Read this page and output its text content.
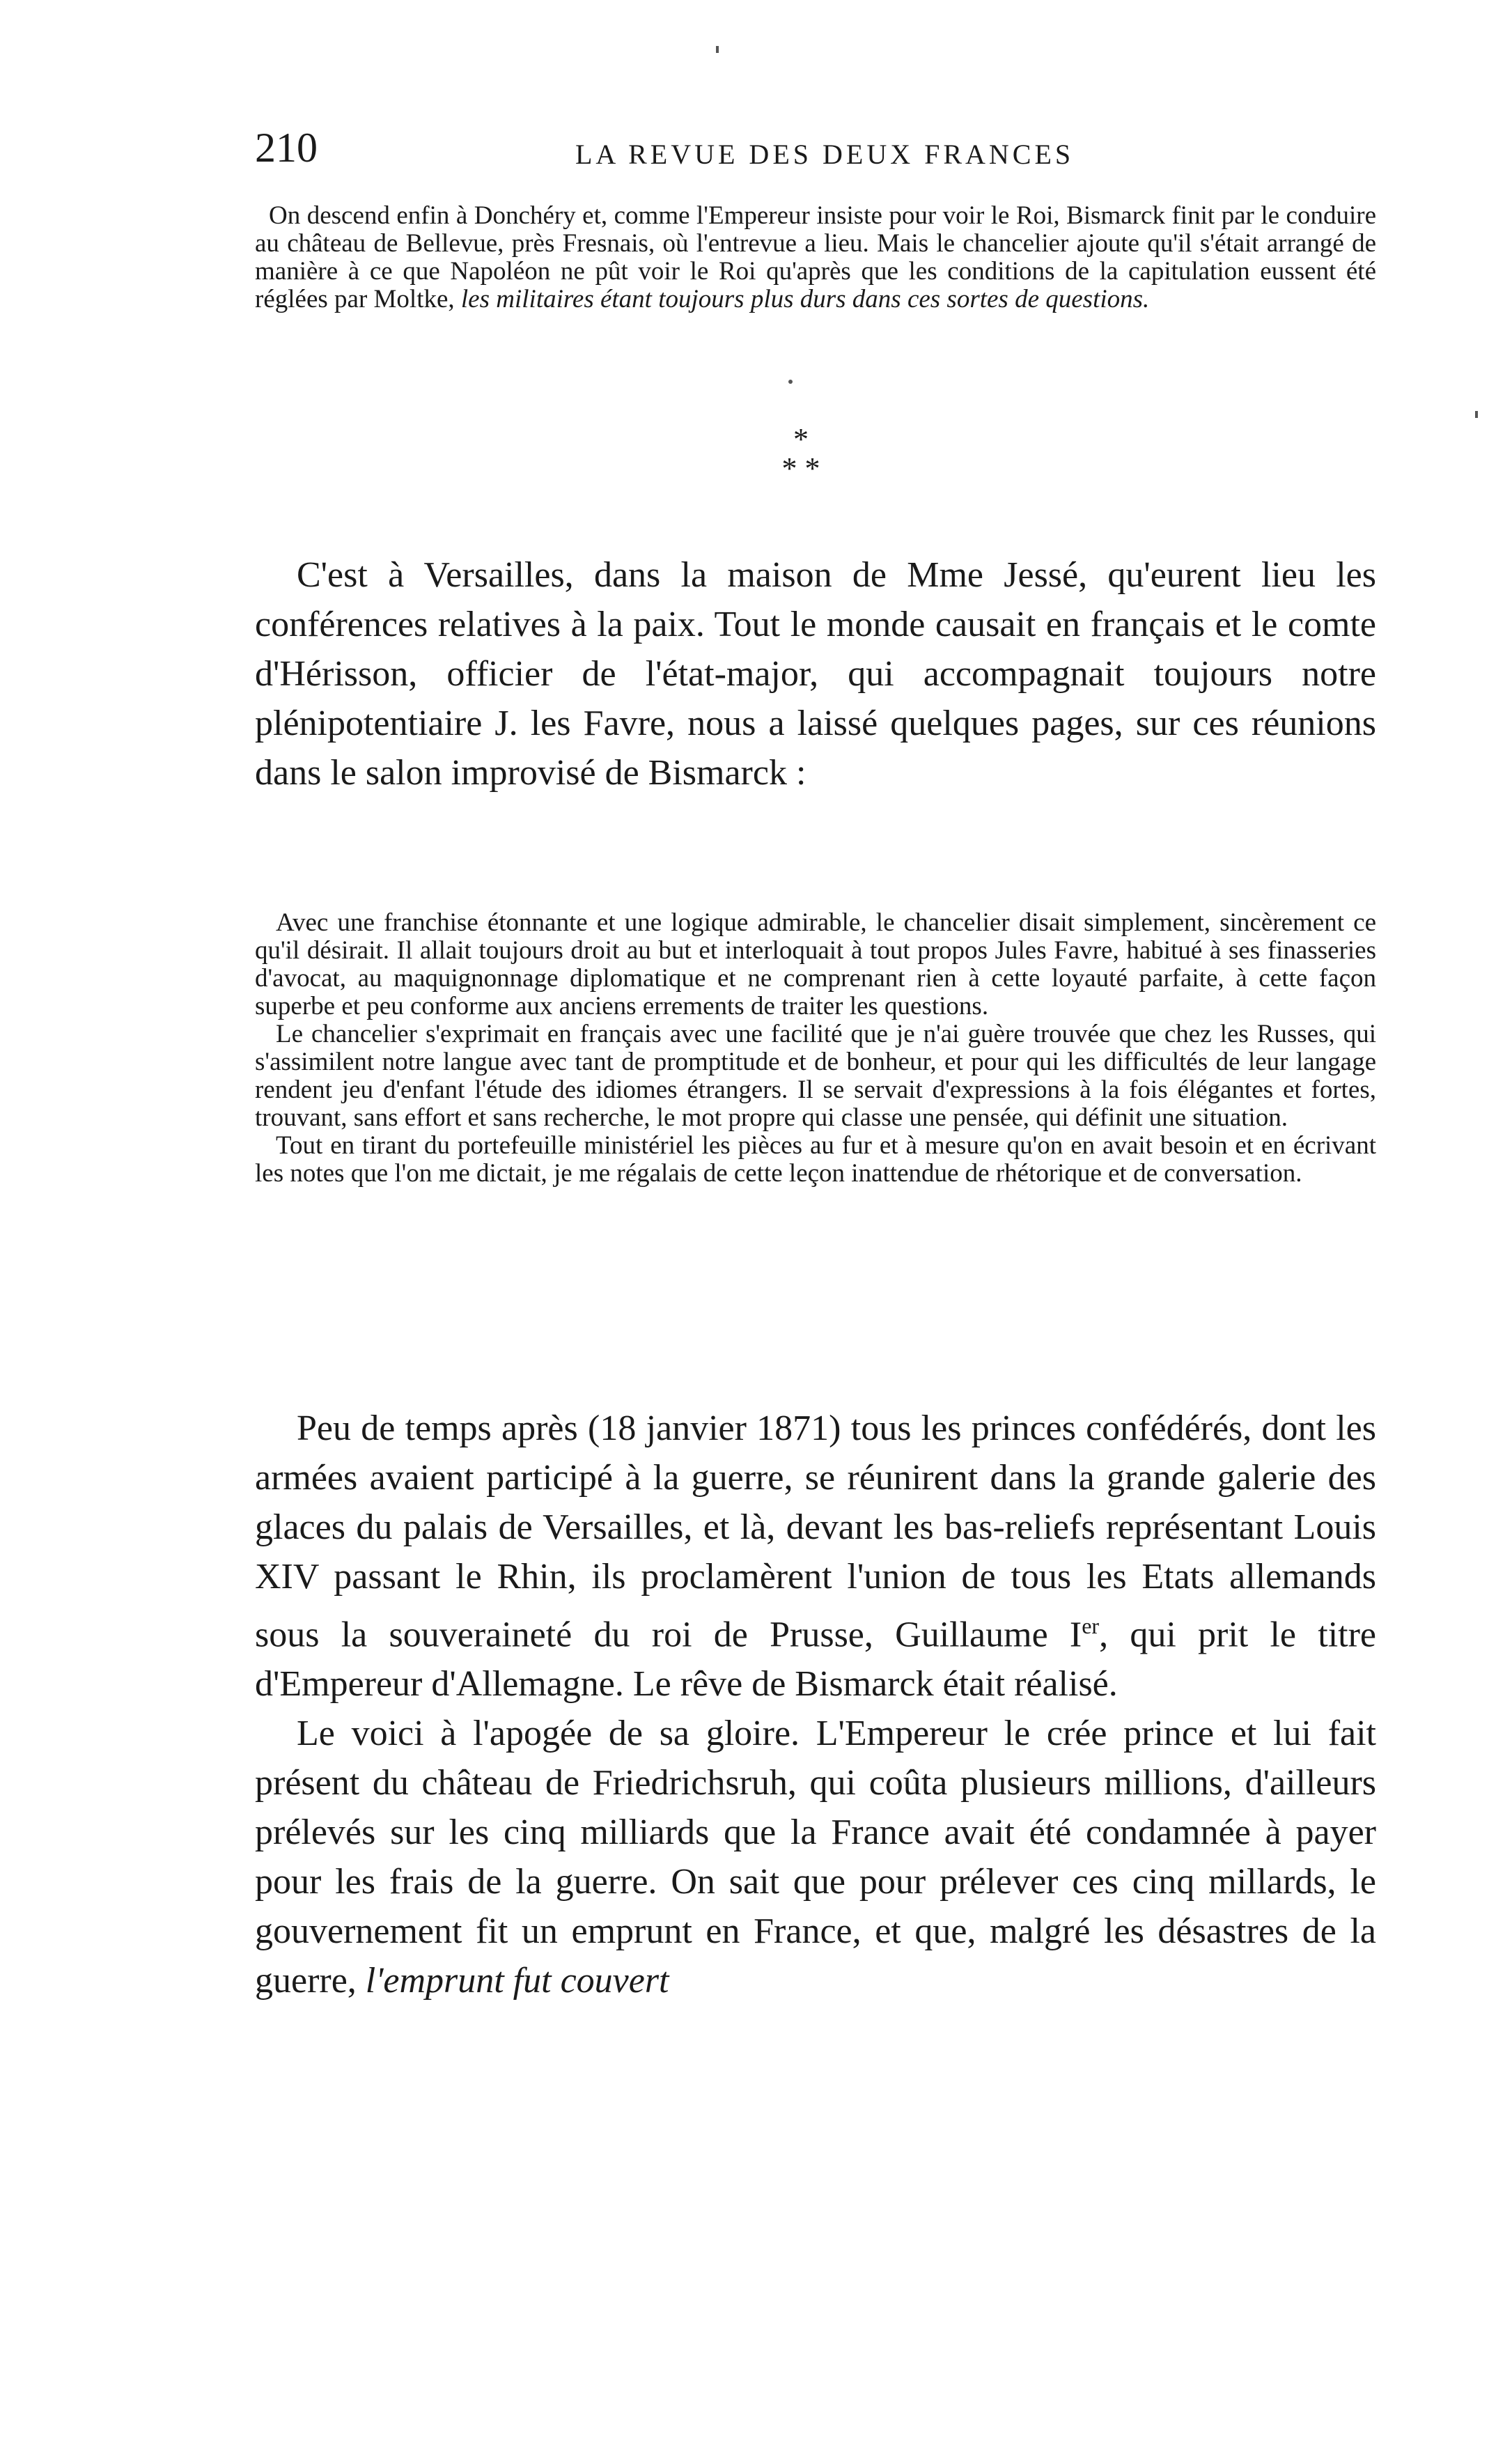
210	LA REVUE DES DEUX FRANCES

On descend enfin à Donchéry et, comme l'Empereur insiste pour voir le Roi, Bismarck finit par le conduire au château de Bellevue, près Fresnais, où l'entrevue a lieu. Mais le chancelier ajoute qu'il s'était arrangé de manière à ce que Napoléon ne pût voir le Roi qu'après que les conditions de la capitulation eussent été réglées par Moltke, les militaires étant toujours plus durs dans ces sortes de questions.

*
* *

C'est à Versailles, dans la maison de Mme Jessé, qu'eurent lieu les conférences relatives à la paix. Tout le monde causait en français et le comte d'Hérisson, officier de l'état-major, qui accompagnait toujours notre plénipotentiaire J. les Favre, nous a laissé quelques pages, sur ces réunions dans le salon improvisé de Bismarck :

Avec une franchise étonnante et une logique admirable, le chancelier disait simplement, sincèrement ce qu'il désirait. Il allait toujours droit au but et interloquait à tout propos Jules Favre, habitué à ses finasseries d'avocat, au maquignonnage diplomatique et ne comprenant rien à cette loyauté parfaite, à cette façon superbe et peu conforme aux anciens errements de traiter les questions.

Le chancelier s'exprimait en français avec une facilité que je n'ai guère trouvée que chez les Russes, qui s'assimilent notre langue avec tant de promptitude et de bonheur, et pour qui les difficultés de leur langage rendent jeu d'enfant l'étude des idiomes étrangers. Il se servait d'expressions à la fois élégantes et fortes, trouvant, sans effort et sans recherche, le mot propre qui classe une pensée, qui définit une situation.

Tout en tirant du portefeuille ministériel les pièces au fur et à mesure qu'on en avait besoin et en écrivant les notes que l'on me dictait, je me régalais de cette leçon inattendue de rhétorique et de conversation.

Peu de temps après (18 janvier 1871) tous les princes confédérés, dont les armées avaient participé à la guerre, se réunirent dans la grande galerie des glaces du palais de Versailles, et là, devant les bas-reliefs représentant Louis XIV passant le Rhin, ils proclamèrent l'union de tous les Etats allemands sous la souveraineté du roi de Prusse, Guillaume Ier, qui prit le titre d'Empereur d'Allemagne. Le rêve de Bismarck était réalisé.

Le voici à l'apogée de sa gloire. L'Empereur le crée prince et lui fait présent du château de Friedrichsruh, qui coûta plusieurs millions, d'ailleurs prélevés sur les cinq milliards que la France avait été condamnée à payer pour les frais de la guerre. On sait que pour prélever ces cinq millards, le gouvernement fit un emprunt en France, et que, malgré les désastres de la guerre, l'emprunt fut couvert
